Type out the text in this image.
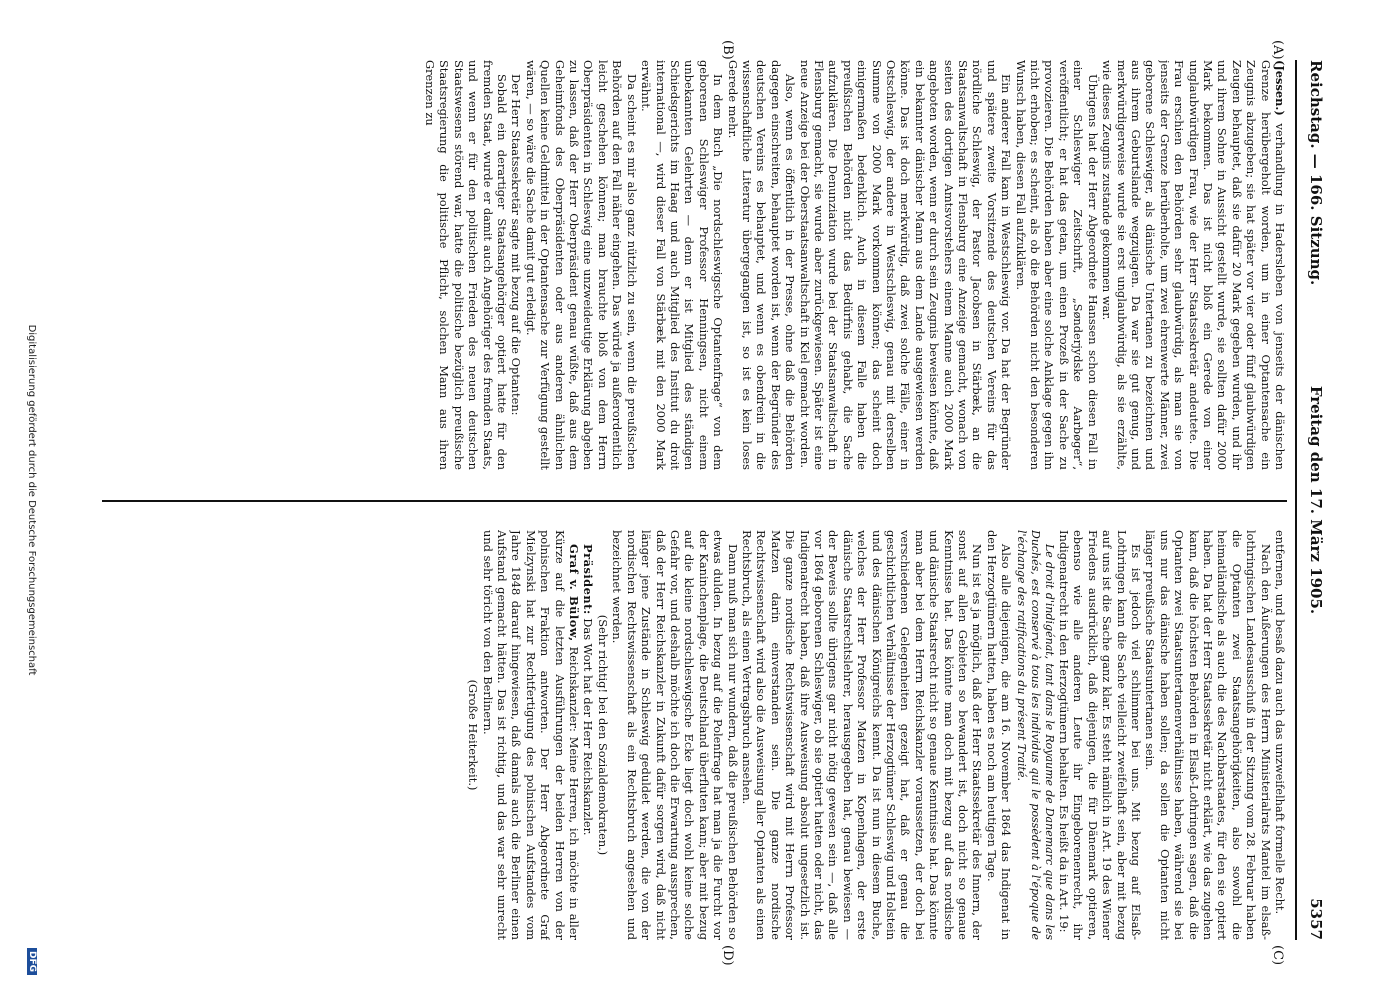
Reichstag. — 166. Sitzung.
Freitag den 17. März 1905.
5357
(A)
(B)
(C)
(D)

(Jessen.) verhandlung in Hadersleben von jenseits der dänischen Grenze herübergeholt worden, um in einer Optantensache ein Zeugnis abzugeben; sie hat später vor vier oder fünf glaubwürdigen Zeugen behauptet, daß sie dafür 20 Mark gegeben wurden, und ihr und ihrem Sohne in Aussicht gestellt wurde, sie sollten dafür 2000 Mark bekommen. Das ist nicht bloß ein Gerede von einer unglaubwürdigen Frau, wie der Herr Staatssekretär andeutete. Die Frau erschien den Behörden sehr glaubwürdig, als man sie von jenseits der Grenze herüberholte, um zwei ehrenwerte Männer, zwei geborene Schleswiger, als dänische Untertanen zu bezeichnen und aus ihrem Geburtslande wegzujagen. Da war sie gut genug, und merkwürdigerweise wurde sie erst unglaubwürdig, als sie erzählte, wie dieses Zeugnis zustande gekommen war.

Übrigens hat der Herr Abgeordnete Hanssen schon diesen Fall in einer Schleswiger Zeitschrift, „Sønderjydske Aarbøger“, veröffentlicht; er hat das getan, um einen Prozeß in der Sache zu provozieren. Die Behörden haben aber eine solche Anklage gegen ihn nicht erhoben; es scheint, als ob die Behörden nicht den besonderen Wunsch haben, diesen Fall aufzuklären.

Ein anderer Fall kam in Westschleswig vor. Da hat der Begründer und spätere zweite Vorsitzende des deutschen Vereins für das nördliche Schleswig, der Pastor Jacobsen in Stärbæk, an die Staatsanwaltschaft in Flensburg eine Anzeige gemacht, wonach von seiten des dortigen Amtsvorstehers einem Manne auch 2000 Mark angeboten worden, wenn er durch sein Zeugnis beweisen könnte, daß ein bekannter dänischer Mann aus dem Lande ausgewiesen werden könne. Das ist doch merkwürdig, daß zwei solche Fälle, einer in Ostschleswig, der andere in Westschleswig, genau mit derselben Summe von 2000 Mark vorkommen können; das scheint doch einigermaßen bedenklich. Auch in diesem Falle haben die preußischen Behörden nicht das Bedürfnis gehabt, die Sache aufzuklären. Die Denunziation wurde bei der Staatsanwaltschaft in Flensburg gemacht, sie wurde aber zurückgewiesen. Später ist eine neue Anzeige bei der Oberstaatsanwaltschaft in Kiel gemacht worden.

Also, wenn es öffentlich in der Presse, ohne daß die Behörden dagegen einschreiten, behauptet worden ist, wenn der Begründer des deutschen Vereins es behauptet, und wenn es obendrein in die wissenschaftliche Literatur übergegangen ist, so ist es kein loses Gerede mehr.

In dem Buch „Die nordschleswigsche Optantenfrage“ von dem geborenen Schleswiger Professor Henningsen, nicht einem unbekannten Gelehrten — denn er ist Mitglied des ständigen Schiedsgerichts im Haag und auch Mitglied des Institut du droit international —, wird dieser Fall von Stärbæk mit den 2000 Mark erwähnt.

Da scheint es mir also ganz nützlich zu sein, wenn die preußischen Behörden auf den Fall näher eingehen. Das würde ja außerordentlich leicht geschehen können; man brauchte bloß von dem Herrn Oberpräsidenten in Schleswig eine unzweideutige Erklärung abgeben zu lassen, daß der Herr Oberpräsident genau wüßte, daß aus dem Geheimfonds des Oberpräsidenten oder aus anderen ähnlichen Quellen keine Geldmittel in der Optantensache zur Verfügung gestellt wären, — so wäre die Sache damit gut erledigt.

Der Herr Staatssekretär sagte mit bezug auf die Optanten:

Sobald ein derartiger Staatsangehöriger optiert hatte für den fremden Staat, wurde er damit auch Angehöriger des fremden Staats, und wenn er für den politischen Frieden des neuen deutschen Staatswesens störend war, hatte die politische bezüglich preußische Staatsregierung die politische Pflicht, solchen Mann aus ihren Grenzen zu

entfernen, und besaß dazu auch das unzweifelhaft formelle Recht.

Nach den Äußerungen des Herrn Ministerialrats Mantel im elsaß-lothringischen Landesausschuß in der Sitzung vom 28. Februar haben die Optanten zwei Staatsangehörigkeiten, also sowohl die heimatländische als auch die des Nachbarstaates, für den sie optiert haben. Da hat der Herr Staatssekretär nicht erklärt, wie das zugehen kann, daß die höchsten Behörden in Elsaß-Lothringen sagen, daß die Optanten zwei Staatsuntertanenverhältnisse haben, während sie bei uns nur das dänische haben sollen; da sollen die Optanten nicht länger preußische Staatsuntertanen sein.

Es ist jedoch viel schlimmer bei uns. Mit bezug auf Elsaß-Lothringen kann die Sache vielleicht zweifelhaft sein, aber mit bezug auf uns ist die Sache ganz klar. Es steht nämlich in Art. 19 des Wiener Friedens ausdrücklich, daß diejenigen, die für Dänemark optieren, ebenso wie alle anderen Leute ihr Eingeborenenrecht, ihr Indigenatrecht in den Herzogtümern behalten. Es heißt da in Art. 19:

Le droit d'indigénat, tant dans le Royaume de Danemarc que dans les Duchés, est conservé à tous les individus qui le possèdent à l'époque de l'échange des ratifications du présent Traité.

Also alle diejenigen, die am 16. November 1864 das Indigenat in den Herzogtümern hatten, haben es noch am heutigen Tage.

Nun ist es ja möglich, daß der Herr Staatssekretär des Innern, der sonst auf allen Gebieten so bewandert ist, doch nicht so genaue Kenntnisse hat. Das könnte man doch mit bezug auf das nordische und dänische Staatsrecht nicht so genaue Kenntnisse hat. Das könnte man aber bei dem Herrn Reichskanzler voraussetzen, der doch bei verschiedenen Gelegenheiten gezeigt hat, daß er genau die geschichtlichen Verhältnisse der Herzogtümer Schleswig und Holstein und des dänischen Königreichs kennt. Da ist nun in diesem Buche, welches der Herr Professor Matzen in Kopenhagen, der erste dänische Staatsrechtslehrer, herausgegeben hat, genau bewiesen — der Beweis sollte übrigens gar nicht nötig gewesen sein —, daß alle vor 1864 geborenen Schleswiger, ob sie optiert hatten oder nicht, das Indigenatrecht haben, daß ihre Ausweisung absolut ungesetzlich ist. Die ganze nordische Rechtswissenschaft wird mit Herrn Professor Matzen darin einverstanden sein. Die ganze nordische Rechtswissenschaft wird also die Ausweisung aller Optanten als einen Rechtsbruch, als einen Vertragsbruch ansehen.

Dann muß man sich nur wundern, daß die preußischen Behörden so etwas dulden. In bezug auf die Polenfrage hat man ja die Furcht vor der Kaninchenplage, die Deutschland überfluten kann; aber mit bezug auf die kleine nordschleswigsche Ecke liegt doch wohl keine solche Gefahr vor, und deshalb möchte ich doch die Erwartung aussprechen, daß der Herr Reichskanzler in Zukunft dafür sorgen wird, daß nicht länger jene Zustände in Schleswig geduldet werden, die von der nordischen Rechtswissenschaft als ein Rechtsbruch angesehen und bezeichnet werden.

(Sehr richtig! bei den Sozialdemokraten.)

Präsident: Das Wort hat der Herr Reichskanzler.

Graf v. Bülow, Reichskanzler: Meine Herren, ich möchte in aller Kürze auf die letzten Ausführungen der beiden Herren von der polnischen Fraktion antworten. Der Herr Abgeordnete Graf Mielzynski hat zur Rechtfertigung des polnischen Aufstandes vom Jahre 1848 darauf hingewiesen, daß damals auch die Berliner einen Aufstand gemacht hätten. Das ist richtig, und das war sehr unrecht und sehr töricht von den Berlinern.

(Große Heiterkeit.)

Digitalisierung gefördert durch die Deutsche Forschungsgemeinschaft
DFG
